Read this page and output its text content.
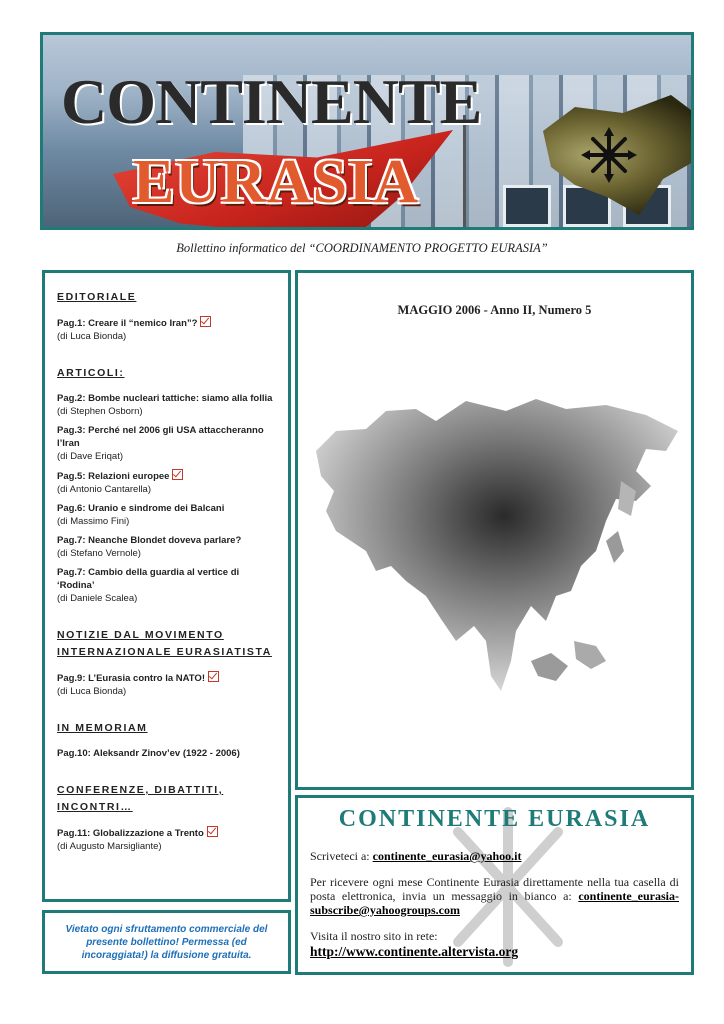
CONTINENTE
EURASIA
Bollettino informatico del “COORDINAMENTO PROGETTO EURASIA”
EDITORIALE
Pag.1: Creare il “nemico Iran”?
(di Luca Bionda)
ARTICOLI:
Pag.2: Bombe nucleari tattiche: siamo alla follia
(di Stephen Osborn)
Pag.3: Perché nel 2006 gli USA attaccheranno l’Iran
(di Dave Eriqat)
Pag.5: Relazioni europee
(di Antonio Cantarella)
Pag.6: Uranio e sindrome dei Balcani
(di Massimo Fini)
Pag.7: Neanche Blondet doveva parlare?
(di Stefano Vernole)
Pag.7: Cambio della guardia al vertice di ‘Rodina’
(di Daniele Scalea)
NOTIZIE DAL MOVIMENTO INTERNAZIONALE EURASIATISTA
Pag.9: L’Eurasia contro la NATO!
(di Luca Bionda)
IN MEMORIAM
Pag.10: Aleksandr Zinov’ev (1922 - 2006)
CONFERENZE, DIBATTITI, INCONTRI…
Pag.11: Globalizzazione a Trento
(di Augusto Marsigliante)
Vietato ogni sfruttamento commerciale del presente bollettino! Permessa (ed incoraggiata!) la diffusione gratuita.
MAGGIO 2006 - Anno II, Numero 5
CONTINENTE EURASIA

Scriveteci a: continente_eurasia@yahoo.it

Per ricevere ogni mese Continente Eurasia direttamente nella tua casella di posta elettronica, invia un messaggio in bianco a: continente_eurasia-subscribe@yahoogroups.com

Visita il nostro sito in rete:

http://www.continente.altervista.org
